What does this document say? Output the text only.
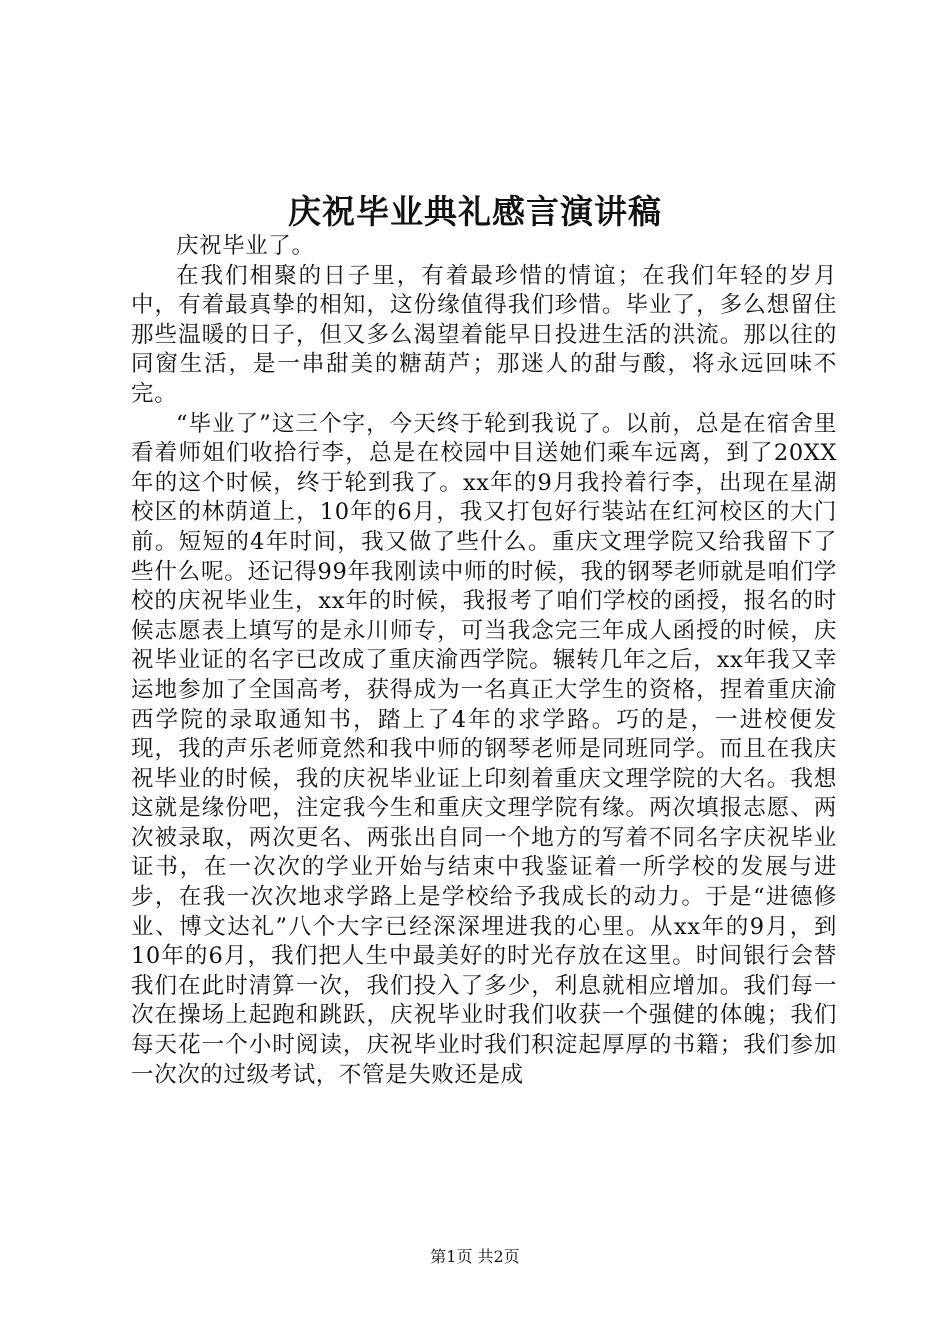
庆祝毕业典礼感言演讲稿

庆祝毕业了。

在我们相聚的日子里，有着最珍惜的情谊；在我们年轻的岁月中，有着最真挚的相知，这份缘值得我们珍惜。毕业了，多么想留住那些温暖的日子，但又多么渴望着能早日投进生活的洪流。那以往的同窗生活，是一串甜美的糖葫芦；那迷人的甜与酸，将永远回味不完。

“毕业了”这三个字，今天终于轮到我说了。以前，总是在宿舍里看着师姐们收拾行李，总是在校园中目送她们乘车远离，到了20XX年的这个时候，终于轮到我了。xx年的9月我拎着行李，出现在星湖校区的林荫道上，10年的6月，我又打包好行装站在红河校区的大门前。短短的4年时间，我又做了些什么。重庆文理学院又给我留下了些什么呢。还记得99年我刚读中师的时候，我的钢琴老师就是咱们学校的庆祝毕业生，xx年的时候，我报考了咱们学校的函授，报名的时候志愿表上填写的是永川师专，可当我念完三年成人函授的时候，庆祝毕业证的名字已改成了重庆渝西学院。辗转几年之后，xx年我又幸运地参加了全国高考，获得成为一名真正大学生的资格，捏着重庆渝西学院的录取通知书，踏上了4年的求学路。巧的是，一进校便发现，我的声乐老师竟然和我中师的钢琴老师是同班同学。而且在我庆祝毕业的时候，我的庆祝毕业证上印刻着重庆文理学院的大名。我想这就是缘份吧，注定我今生和重庆文理学院有缘。两次填报志愿、两次被录取，两次更名、两张出自同一个地方的写着不同名字庆祝毕业证书，在一次次的学业开始与结束中我鉴证着一所学校的发展与进步，在我一次次地求学路上是学校给予我成长的动力。于是“进德修业、博文达礼”八个大字已经深深埋进我的心里。从xx年的9月，到10年的6月，我们把人生中最美好的时光存放在这里。时间银行会替我们在此时清算一次，我们投入了多少，利息就相应增加。我们每一次在操场上起跑和跳跃，庆祝毕业时我们收获一个强健的体魄；我们每天花一个小时阅读，庆祝毕业时我们积淀起厚厚的书籍；我们参加一次次的过级考试，不管是失败还是成

第1页 共2页
